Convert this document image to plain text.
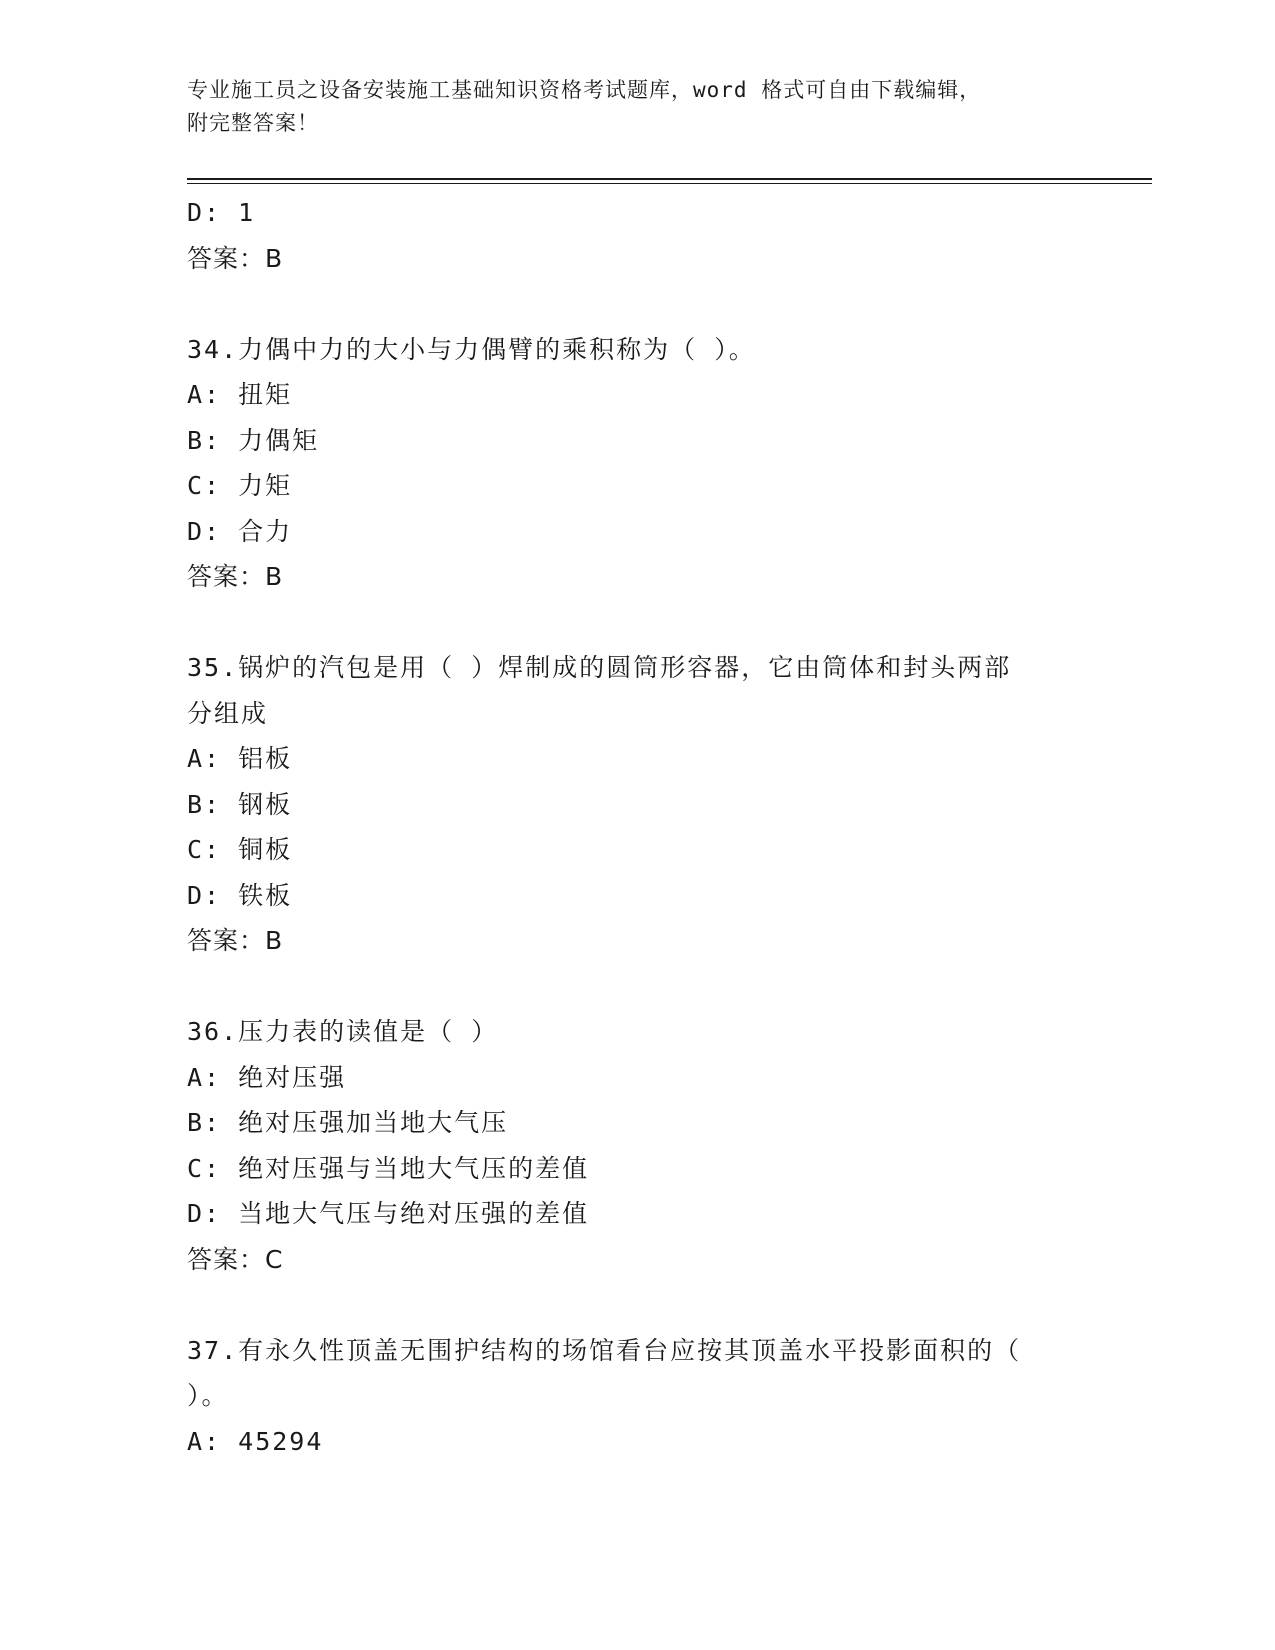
专业施工员之设备安装施工基础知识资格考试题库，word 格式可自由下载编辑，
附完整答案！
D: 1
答案：B
34.力偶中力的大小与力偶臂的乘积称为（ ）。
A: 扭矩
B: 力偶矩
C: 力矩
D: 合力
答案：B
35.锅炉的汽包是用（ ）焊制成的圆筒形容器，它由筒体和封头两部
分组成
A: 铝板
B: 钢板
C: 铜板
D: 铁板
答案：B
36.压力表的读值是（ ）
A: 绝对压强
B: 绝对压强加当地大气压
C: 绝对压强与当地大气压的差值
D: 当地大气压与绝对压强的差值
答案：C
37.有永久性顶盖无围护结构的场馆看台应按其顶盖水平投影面积的（
）。
A: 45294
